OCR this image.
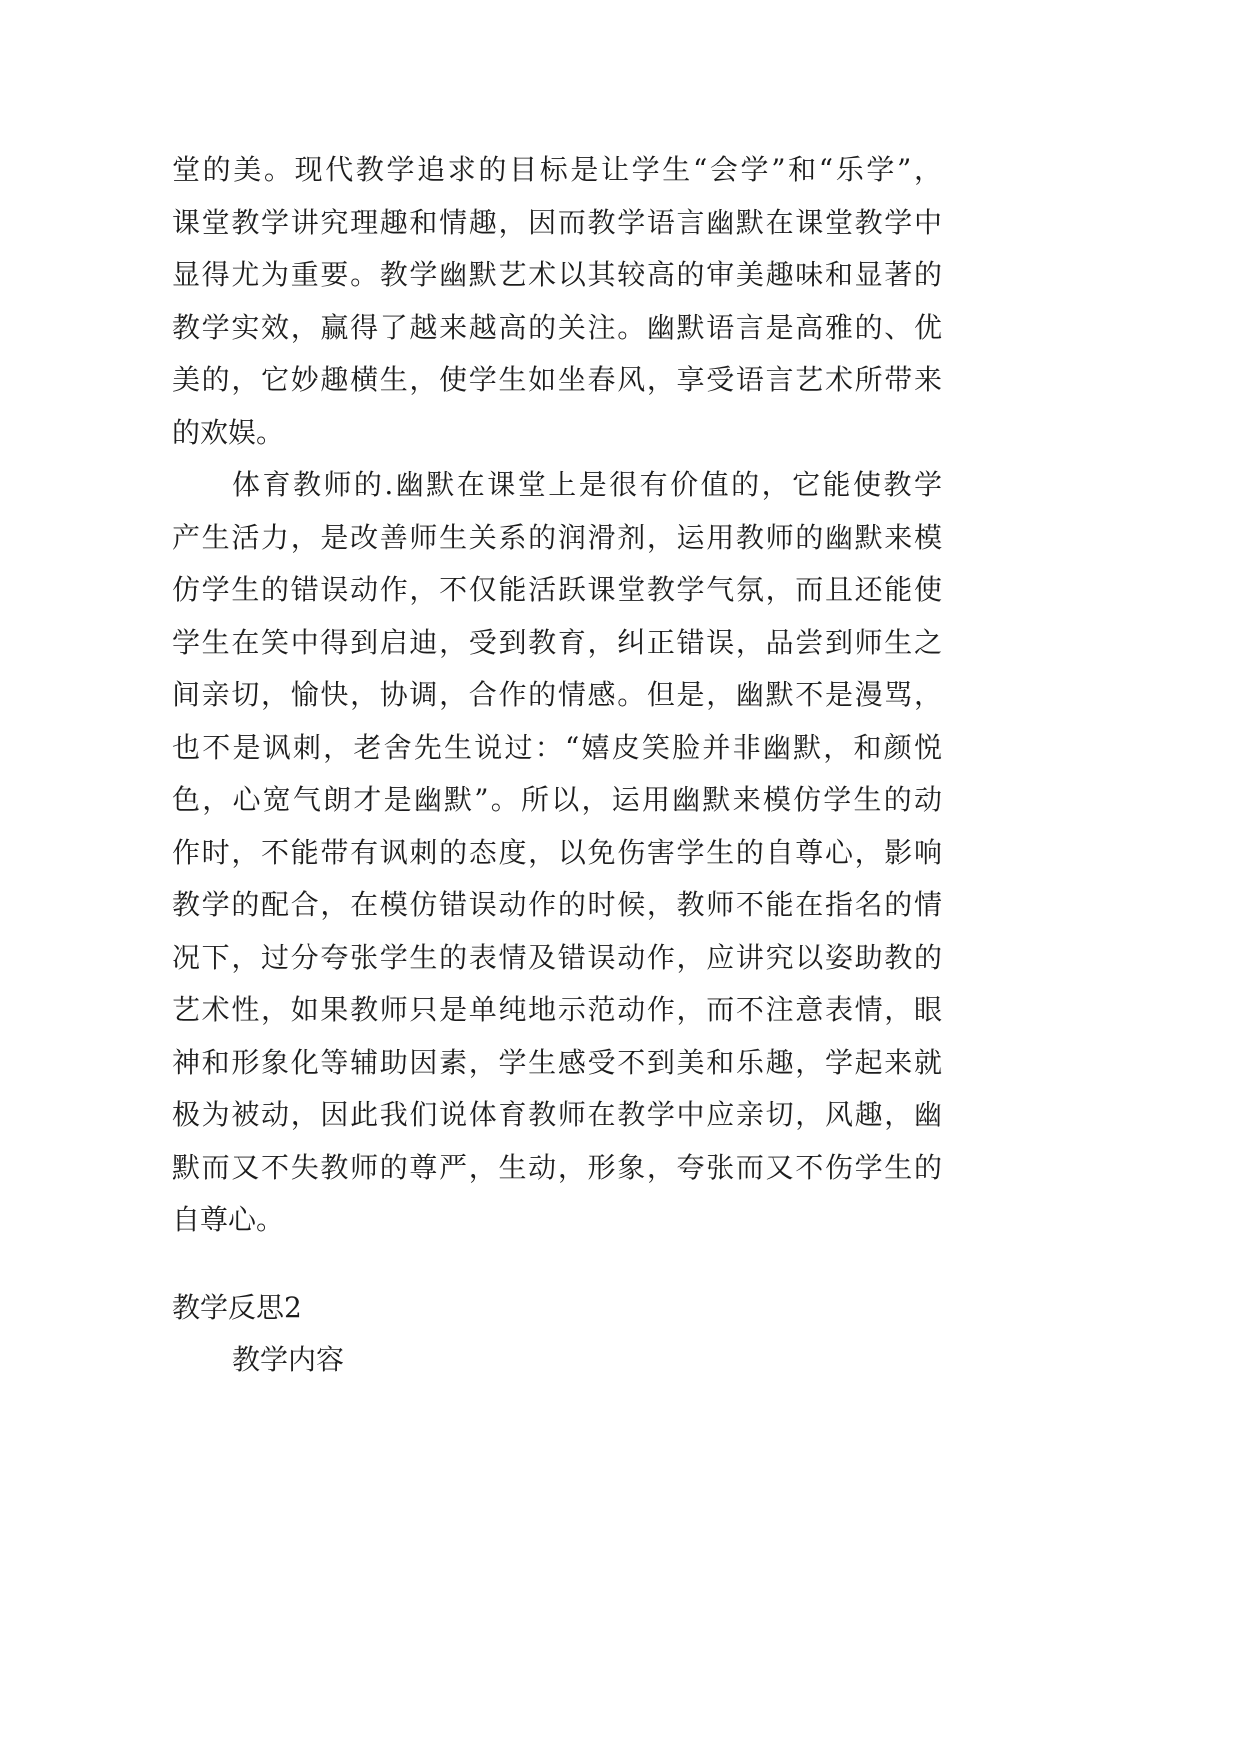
堂的美。现代教学追求的目标是让学生“会学”和“乐学”，
课堂教学讲究理趣和情趣，因而教学语言幽默在课堂教学中
显得尤为重要。教学幽默艺术以其较高的审美趣味和显著的
教学实效，赢得了越来越高的关注。幽默语言是高雅的、优
美的，它妙趣横生，使学生如坐春风，享受语言艺术所带来
的欢娱。
体育教师的.幽默在课堂上是很有价值的，它能使教学
产生活力，是改善师生关系的润滑剂，运用教师的幽默来模
仿学生的错误动作，不仅能活跃课堂教学气氛，而且还能使
学生在笑中得到启迪，受到教育，纠正错误，品尝到师生之
间亲切，愉快，协调，合作的情感。但是，幽默不是漫骂，
也不是讽刺，老舍先生说过：“嬉皮笑脸并非幽默，和颜悦
色，心宽气朗才是幽默”。所以，运用幽默来模仿学生的动
作时，不能带有讽刺的态度，以免伤害学生的自尊心，影响
教学的配合，在模仿错误动作的时候，教师不能在指名的情
况下，过分夸张学生的表情及错误动作，应讲究以姿助教的
艺术性，如果教师只是单纯地示范动作，而不注意表情，眼
神和形象化等辅助因素，学生感受不到美和乐趣，学起来就
极为被动，因此我们说体育教师在教学中应亲切，风趣，幽
默而又不失教师的尊严，生动，形象，夸张而又不伤学生的
自尊心。
教学反思2
教学内容
